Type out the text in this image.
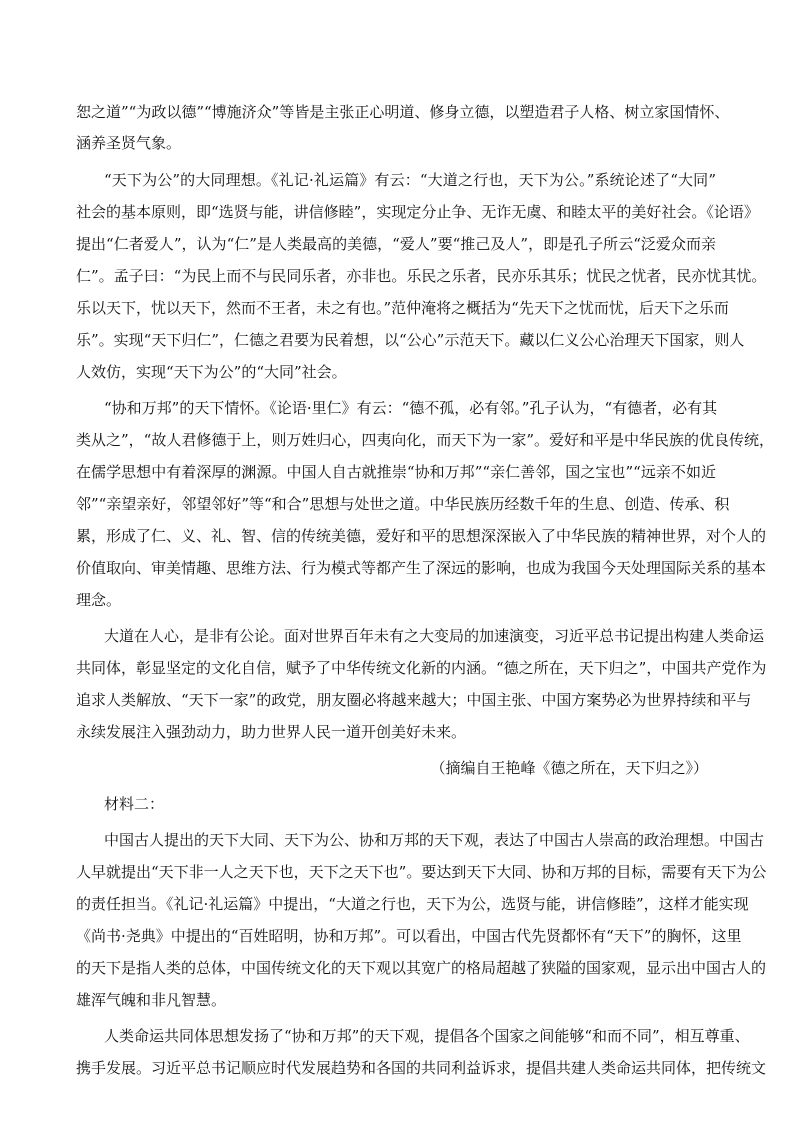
恕之道”“为政以德”“博施济众”等皆是主张正心明道、修身立德，以塑造君子人格、树立家国情怀、
涵养圣贤气象。
“天下为公”的大同理想。《礼记·礼运篇》有云：“大道之行也，天下为公。”系统论述了“大同”
社会的基本原则，即“选贤与能，讲信修睦”，实现定分止争、无诈无虞、和睦太平的美好社会。《论语》
提出“仁者爱人”，认为“仁”是人类最高的美德，“爱人”要“推己及人”，即是孔子所云“泛爱众而亲
仁”。孟子曰：“为民上而不与民同乐者，亦非也。乐民之乐者，民亦乐其乐；忧民之忧者，民亦忧其忧。
乐以天下，忧以天下，然而不王者，未之有也。”范仲淹将之概括为“先天下之忧而忧，后天下之乐而
乐”。实现“天下归仁”，仁德之君要为民着想，以“公心”示范天下。藏以仁义公心治理天下国家，则人
人效仿，实现“天下为公”的“大同”社会。
“协和万邦”的天下情怀。《论语·里仁》有云：“德不孤，必有邻。”孔子认为，“有德者，必有其
类从之”，“故人君修德于上，则万姓归心，四夷向化，而天下为一家”。爱好和平是中华民族的优良传统，
在儒学思想中有着深厚的渊源。中国人自古就推崇“协和万邦”“亲仁善邻，国之宝也”“远亲不如近
邻”“亲望亲好，邻望邻好”等“和合”思想与处世之道。中华民族历经数千年的生息、创造、传承、积
累，形成了仁、义、礼、智、信的传统美德，爱好和平的思想深深嵌入了中华民族的精神世界，对个人的
价值取向、审美情趣、思维方法、行为模式等都产生了深远的影响，也成为我国今天处理国际关系的基本
理念。
大道在人心，是非有公论。面对世界百年未有之大变局的加速演变，习近平总书记提出构建人类命运
共同体，彰显坚定的文化自信，赋予了中华传统文化新的内涵。“德之所在，天下归之”，中国共产党作为
追求人类解放、“天下一家”的政党，朋友圈必将越来越大；中国主张、中国方案势必为世界持续和平与
永续发展注入强劲动力，助力世界人民一道开创美好未来。
（摘编自王艳峰《德之所在，天下归之》）
材料二：
中国古人提出的天下大同、天下为公、协和万邦的天下观，表达了中国古人崇高的政治理想。中国古
人早就提出“天下非一人之天下也，天下之天下也”。要达到天下大同、协和万邦的目标，需要有天下为公
的责任担当。《礼记·礼运篇》中提出，“大道之行也，天下为公，选贤与能，讲信修睦”，这样才能实现
《尚书·尧典》中提出的“百姓昭明，协和万邦”。可以看出，中国古代先贤都怀有“天下”的胸怀，这里
的天下是指人类的总体，中国传统文化的天下观以其宽广的格局超越了狭隘的国家观，显示出中国古人的
雄浑气魄和非凡智慧。
人类命运共同体思想发扬了“协和万邦”的天下观，提倡各个国家之间能够“和而不同”，相互尊重、
携手发展。习近平总书记顺应时代发展趋势和各国的共同利益诉求，提倡共建人类命运共同体，把传统文
